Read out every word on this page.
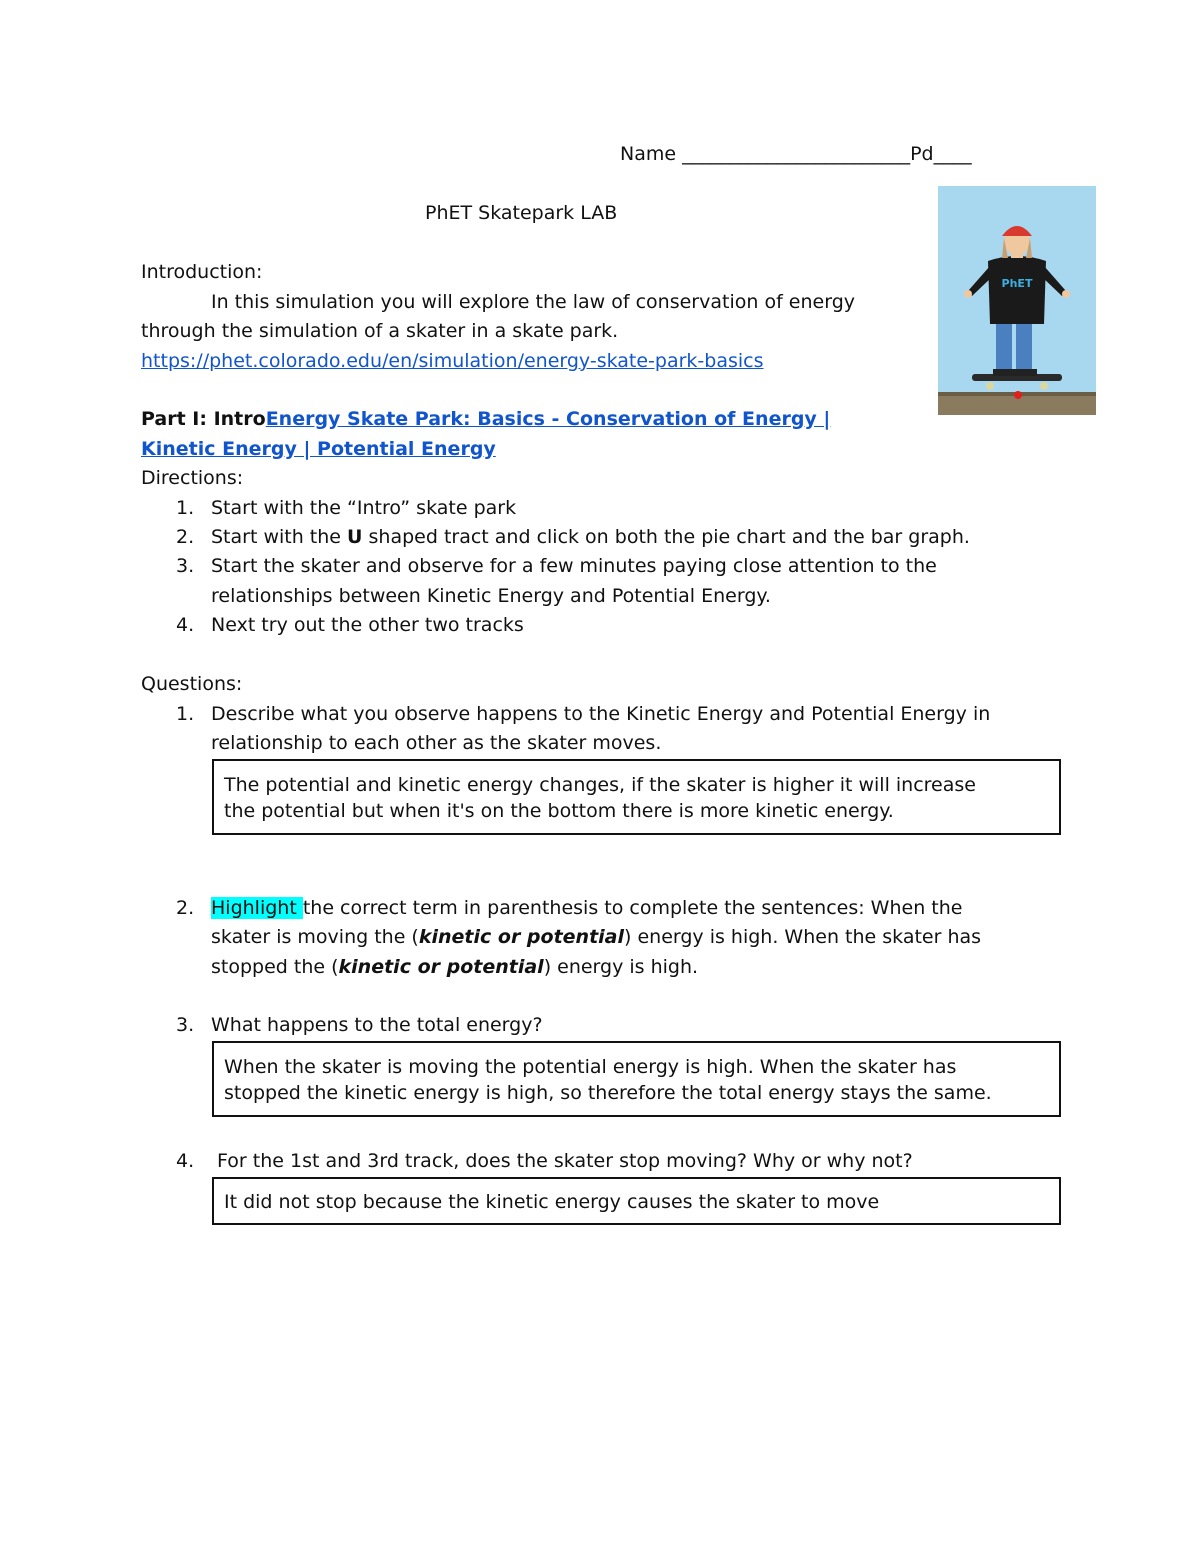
Name ________________________Pd____
PhET Skatepark LAB
PhET
Introduction:
In this simulation you will explore the law of conservation of energy
through the simulation of a skater in a skate park.
https://phet.colorado.edu/en/simulation/energy-skate-park-basics
Part I: IntroEnergy Skate Park: Basics - Conservation of Energy |
Kinetic Energy | Potential Energy
Directions:
1. Start with the “Intro” skate park
2. Start with the U shaped tract and click on both the pie chart and the bar graph.
3. Start the skater and observe for a few minutes paying close attention to the
relationships between Kinetic Energy and Potential Energy.
4. Next try out the other two tracks
Questions:
1. Describe what you observe happens to the Kinetic Energy and Potential Energy in
relationship to each other as the skater moves.
The potential and kinetic energy changes, if the skater is higher it will increase
the potential but when it's on the bottom there is more kinetic energy.
2. Highlight the correct term in parenthesis to complete the sentences: When the
skater is moving the (kinetic or potential) energy is high. When the skater has
stopped the (kinetic or potential) energy is high.
3. What happens to the total energy?
When the skater is moving the potential energy is high. When the skater has
stopped the kinetic energy is high, so therefore the total energy stays the same.
4. For the 1st and 3rd track, does the skater stop moving? Why or why not?
It did not stop because the kinetic energy causes the skater to move
